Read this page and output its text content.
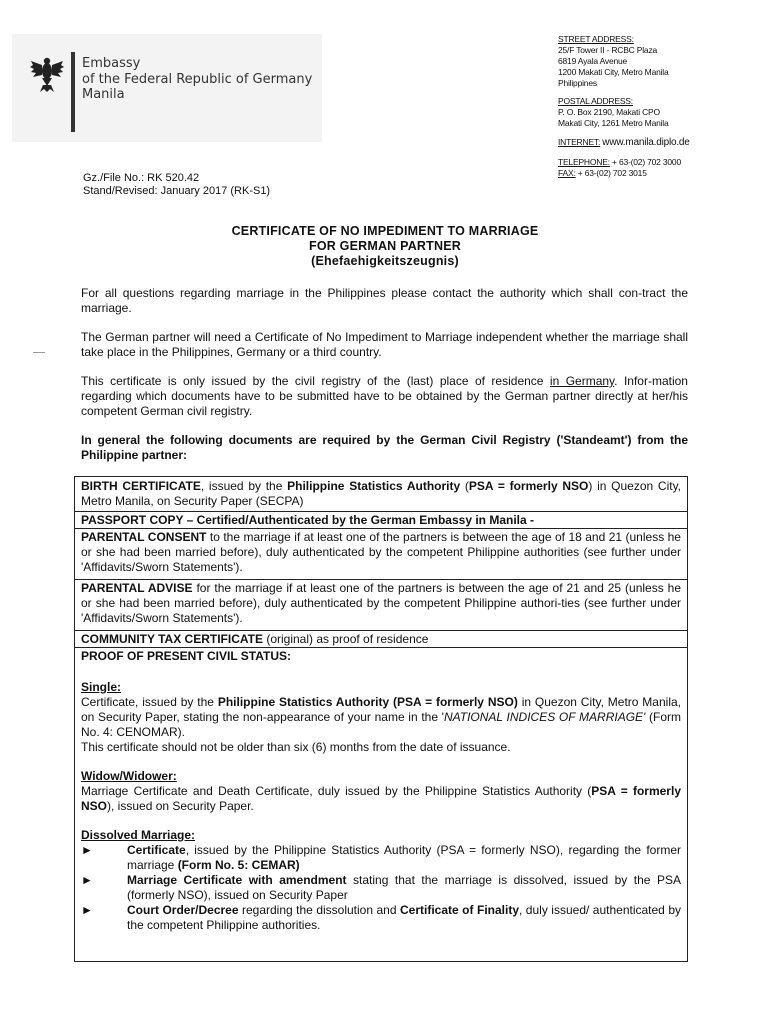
Embassy
of the Federal Republic of Germany
Manila
STREET ADDRESS:
25/F Tower II - RCBC Plaza
6819 Ayala Avenue
1200 Makati City, Metro Manila
Philippines
POSTAL ADDRESS:
P. O. Box 2190, Makati CPO
Makati City, 1261 Metro Manila
INTERNET: www.manila.diplo.de
TELEPHONE: + 63-(02) 702 3000
FAX: + 63-(02) 702 3015
Gz./File No.: RK 520.42
Stand/Revised: January 2017 (RK-S1)
CERTIFICATE OF NO IMPEDIMENT TO MARRIAGE
FOR GERMAN PARTNER
(Ehefaehigkeitszeugnis)
For all questions regarding marriage in the Philippines please contact the authority which shall con-tract the marriage.
The German partner will need a Certificate of No Impediment to Marriage independent whether the marriage shall take place in the Philippines, Germany or a third country.
This certificate is only issued by the civil registry of the (last) place of residence in Germany. Infor-mation regarding which documents have to be submitted have to be obtained by the German partner directly at her/his competent German civil registry.
In general the following documents are required by the German Civil Registry ('Standeamt') from the Philippine partner:
BIRTH CERTIFICATE, issued by the Philippine Statistics Authority (PSA = formerly NSO) in Quezon City, Metro Manila, on Security Paper (SECPA)
PASSPORT COPY – Certified/Authenticated by the German Embassy in Manila -
PARENTAL CONSENT to the marriage if at least one of the partners is between the age of 18 and 21 (unless he or she had been married before), duly authenticated by the competent Philippine authorities (see further under 'Affidavits/Sworn Statements').
PARENTAL ADVISE for the marriage if at least one of the partners is between the age of 21 and 25 (unless he or she had been married before), duly authenticated by the competent Philippine authori-ties (see further under 'Affidavits/Sworn Statements').
COMMUNITY TAX CERTIFICATE (original) as proof of residence
PROOF OF PRESENT CIVIL STATUS:
Single:
Certificate, issued by the Philippine Statistics Authority (PSA = formerly NSO) in Quezon City, Metro Manila, on Security Paper, stating the non-appearance of your name in the 'NATIONAL INDICES OF MARRIAGE' (Form No. 4: CENOMAR).
This certificate should not be older than six (6) months from the date of issuance.
Widow/Widower:
Marriage Certificate and Death Certificate, duly issued by the Philippine Statistics Authority (PSA = formerly NSO), issued on Security Paper.
Dissolved Marriage:
►	Certificate, issued by the Philippine Statistics Authority (PSA = formerly NSO), regarding the former marriage (Form No. 5: CEMAR)
►	Marriage Certificate with amendment stating that the marriage is dissolved, issued by the PSA (formerly NSO), issued on Security Paper
►	Court Order/Decree regarding the dissolution and Certificate of Finality, duly issued/ authenticated by the competent Philippine authorities.
